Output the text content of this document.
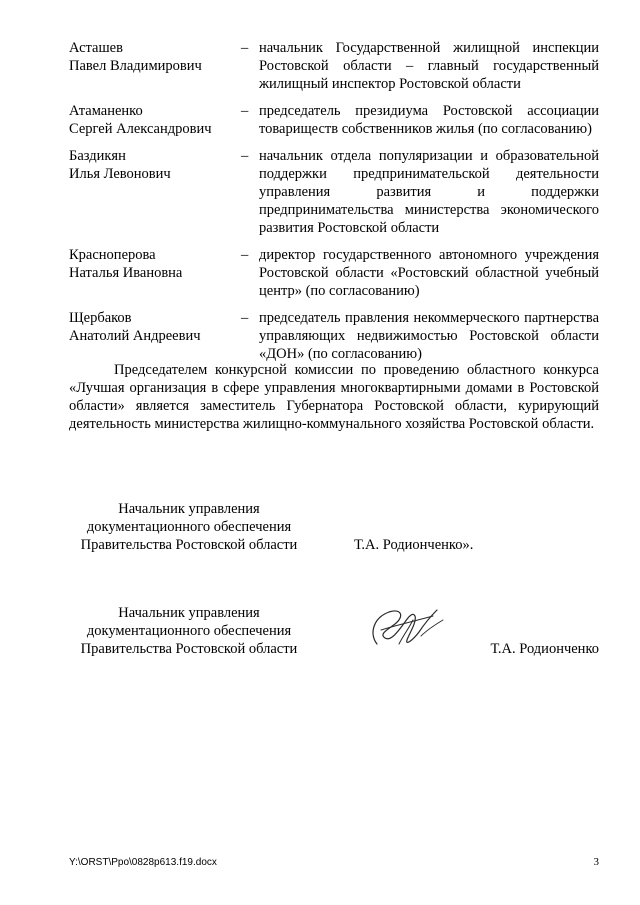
Асташев
Павел Владимирович
– начальник Государственной жилищной инспекции Ростовской области – главный государственный жилищный инспектор Ростовской области
Атаманенко
Сергей Александрович
– председатель президиума Ростовской ассоциации товариществ собственников жилья (по согласованию)
Баздикян
Илья Левонович
– начальник отдела популяризации и образовательной поддержки предпринимательской деятельности управления развития и поддержки предпринимательства министерства экономического развития Ростовской области
Красноперова
Наталья Ивановна
– директор государственного автономного учреждения Ростовской области «Ростовский областной учебный центр» (по согласованию)
Щербаков
Анатолий Андреевич
– председатель правления некоммерческого партнерства управляющих недвижимостью Ростовской области «ДОН» (по согласованию)

Председателем конкурсной комиссии по проведению областного конкурса «Лучшая организация в сфере управления многоквартирными домами в Ростовской области» является заместитель Губернатора Ростовской области, курирующий деятельность министерства жилищно-коммунального хозяйства Ростовской области.

Начальник управления
документационного обеспечения
Правительства Ростовской области	Т.А. Родионченко».
Начальник управления
документационного обеспечения
Правительства Ростовской области	Т.А. Родионченко
Y:\ORST\Ppo\0828p613.f19.docx	3
